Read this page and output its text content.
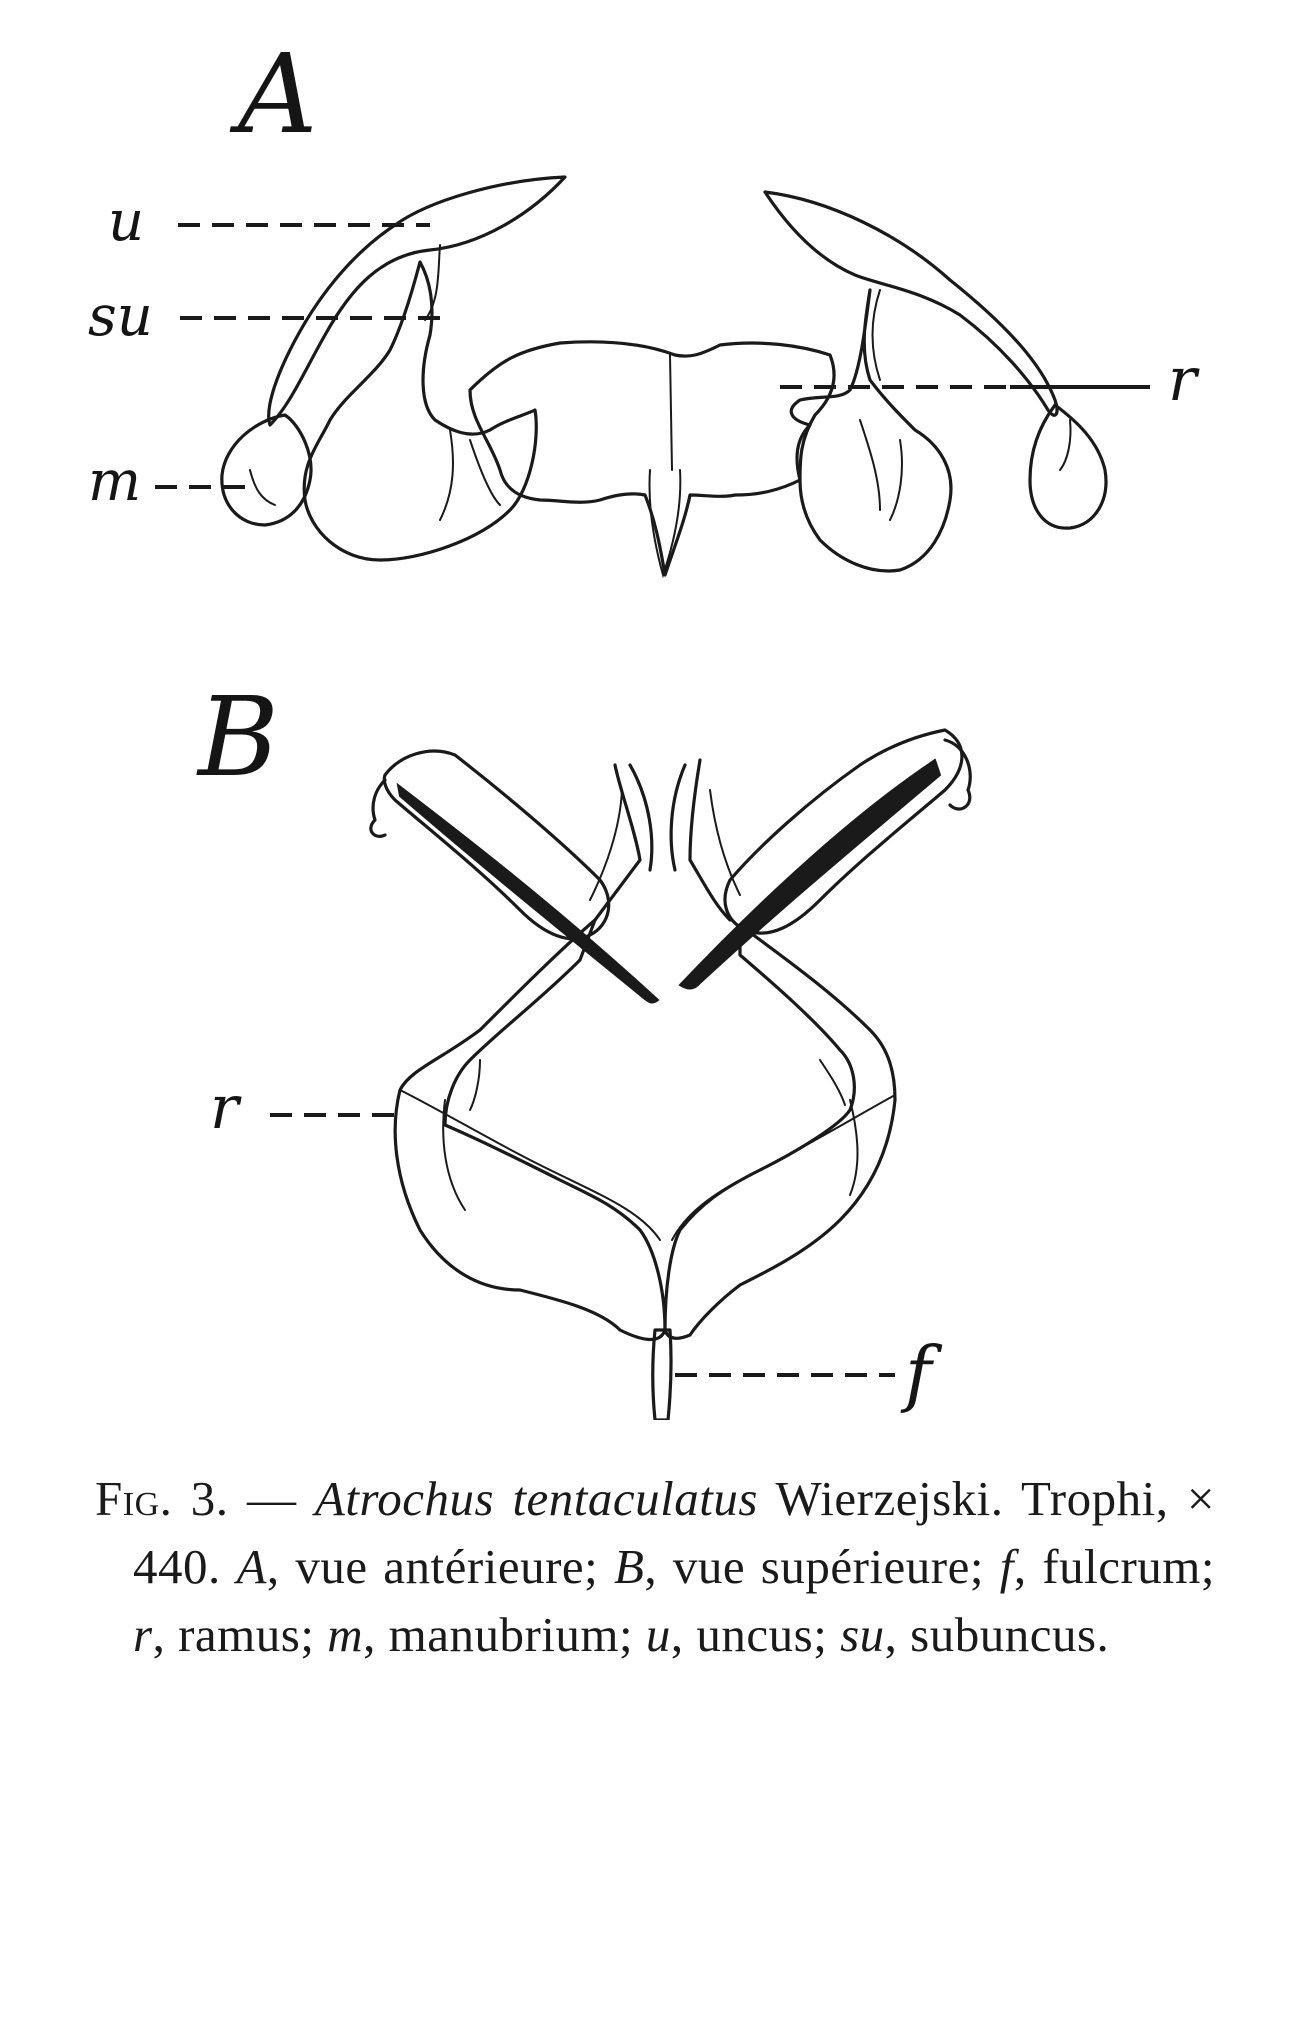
A
u
su
m
r
B
r
f
Fig. 3. — Atrochus tentaculatus Wierzejski. Trophi, × 440. A, vue antérieure; B, vue supérieure; f, fulcrum; r, ramus; m, manubrium; u, uncus; su, subuncus.
